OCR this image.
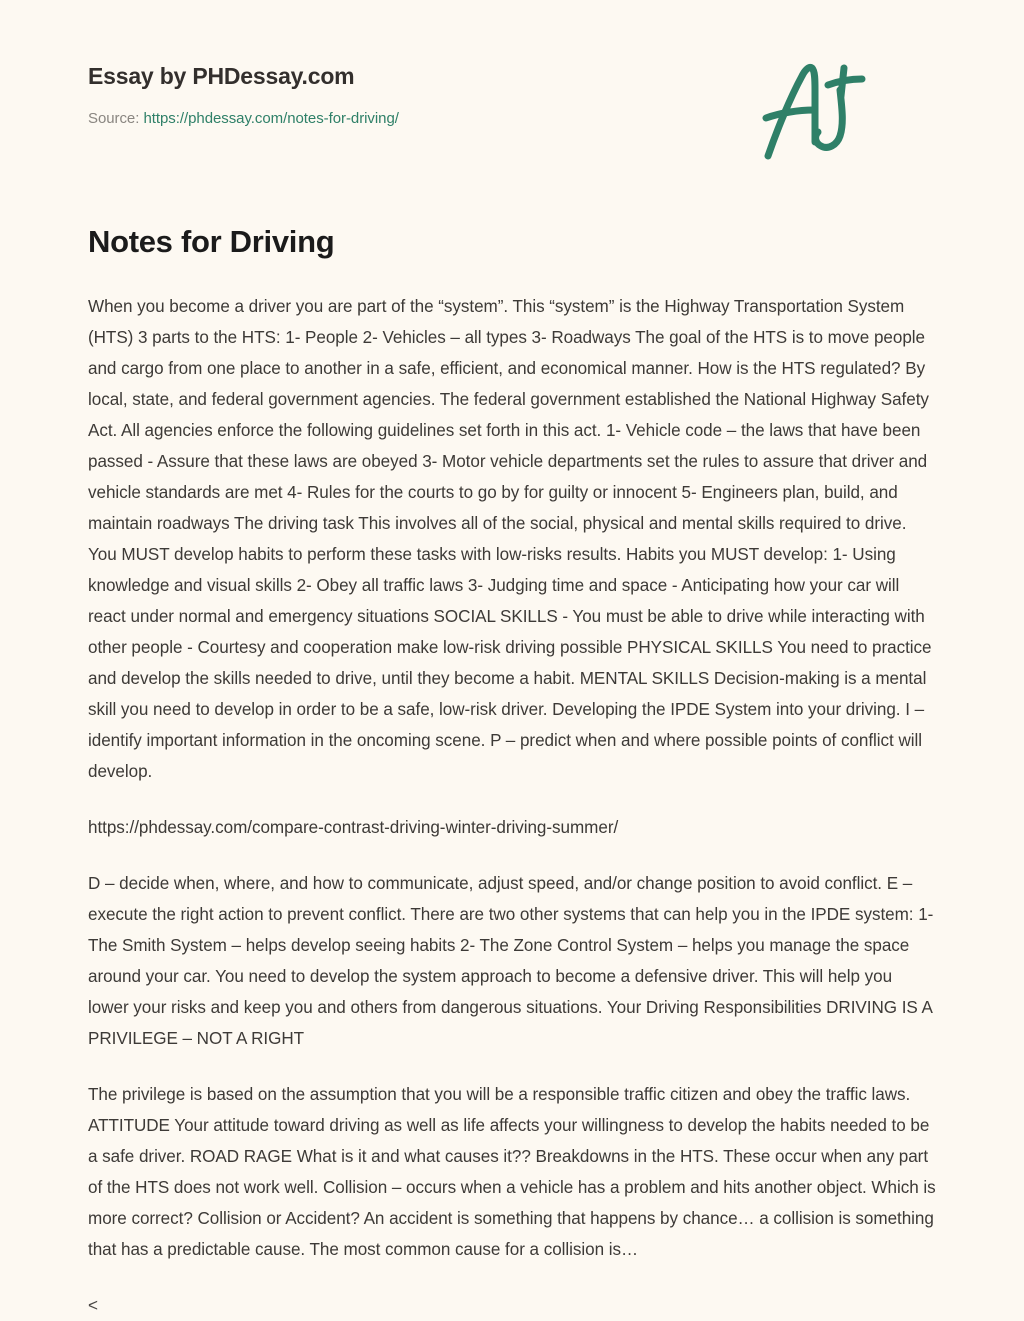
Essay by PHDessay.com
Source: https://phdessay.com/notes-for-driving/
Notes for Driving

When you become a driver you are part of the “system”. This “system” is the Highway Transportation System (HTS) 3 parts to the HTS: 1- People 2- Vehicles – all types 3- Roadways The goal of the HTS is to move people and cargo from one place to another in a safe, efficient, and economical manner. How is the HTS regulated? By local, state, and federal government agencies. The federal government established the National Highway Safety Act. All agencies enforce the following guidelines set forth in this act. 1- Vehicle code – the laws that have been passed - Assure that these laws are obeyed 3- Motor vehicle departments set the rules to assure that driver and vehicle standards are met 4- Rules for the courts to go by for guilty or innocent 5- Engineers plan, build, and maintain roadways The driving task This involves all of the social, physical and mental skills required to drive. You MUST develop habits to perform these tasks with low-risks results. Habits you MUST develop: 1- Using knowledge and visual skills 2- Obey all traffic laws 3- Judging time and space - Anticipating how your car will react under normal and emergency situations SOCIAL SKILLS - You must be able to drive while interacting with other people - Courtesy and cooperation make low-risk driving possible PHYSICAL SKILLS You need to practice and develop the skills needed to drive, until they become a habit. MENTAL SKILLS Decision-making is a mental skill you need to develop in order to be a safe, low-risk driver. Developing the IPDE System into your driving. I – identify important information in the oncoming scene. P – predict when and where possible points of conflict will develop.

https://phdessay.com/compare-contrast-driving-winter-driving-summer/

D – decide when, where, and how to communicate, adjust speed, and/or change position to avoid conflict. E – execute the right action to prevent conflict. There are two other systems that can help you in the IPDE system: 1- The Smith System – helps develop seeing habits 2- The Zone Control System – helps you manage the space around your car. You need to develop the system approach to become a defensive driver. This will help you lower your risks and keep you and others from dangerous situations. Your Driving Responsibilities DRIVING IS A PRIVILEGE – NOT A RIGHT

The privilege is based on the assumption that you will be a responsible traffic citizen and obey the traffic laws. ATTITUDE Your attitude toward driving as well as life affects your willingness to develop the habits needed to be a safe driver. ROAD RAGE What is it and what causes it?? Breakdowns in the HTS. These occur when any part of the HTS does not work well. Collision – occurs when a vehicle has a problem and hits another object. Which is more correct? Collision or Accident? An accident is something that happens by chance… a collision is something that has a predictable cause. The most common cause for a collision is…

<
